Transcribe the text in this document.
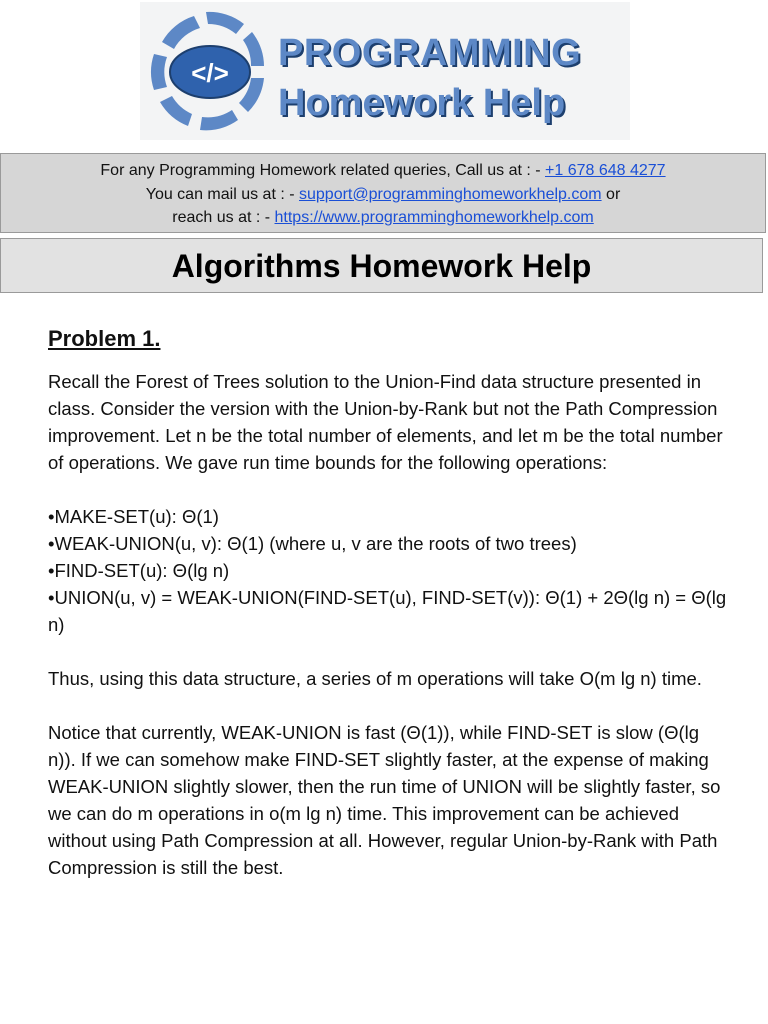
</> PROGRAMMING
Homework Help
For any Programming Homework related queries, Call us at : - +1 678 648 4277
You can mail us at : - support@programminghomeworkhelp.com or
reach us at : - https://www.programminghomeworkhelp.com
Algorithms Homework Help
Problem 1.

Recall the Forest of Trees solution to the Union-Find data structure presented in class. Consider the version with the Union-by-Rank but not the Path Compression improvement. Let n be the total number of elements, and let m be the total number of operations. We gave run time bounds for the following operations:

• MAKE-SET(u): Θ(1)
• WEAK-UNION(u, v): Θ(1) (where u, v are the roots of two trees)
• FIND-SET(u): Θ(lg n)
• UNION(u, v) = WEAK-UNION(FIND-SET(u), FIND-SET(v)): Θ(1) + 2Θ(lg n) = Θ(lg n)

Thus, using this data structure, a series of m operations will take O(m lg n) time.

Notice that currently, WEAK-UNION is fast (Θ(1)), while FIND-SET is slow (Θ(lg n)). If we can somehow make FIND-SET slightly faster, at the expense of making WEAK-UNION slightly slower, then the run time of UNION will be slightly faster, so we can do m operations in o(m lg n) time. This improvement can be achieved without using Path Compression at all. However, regular Union-by-Rank with Path Compression is still the best.
